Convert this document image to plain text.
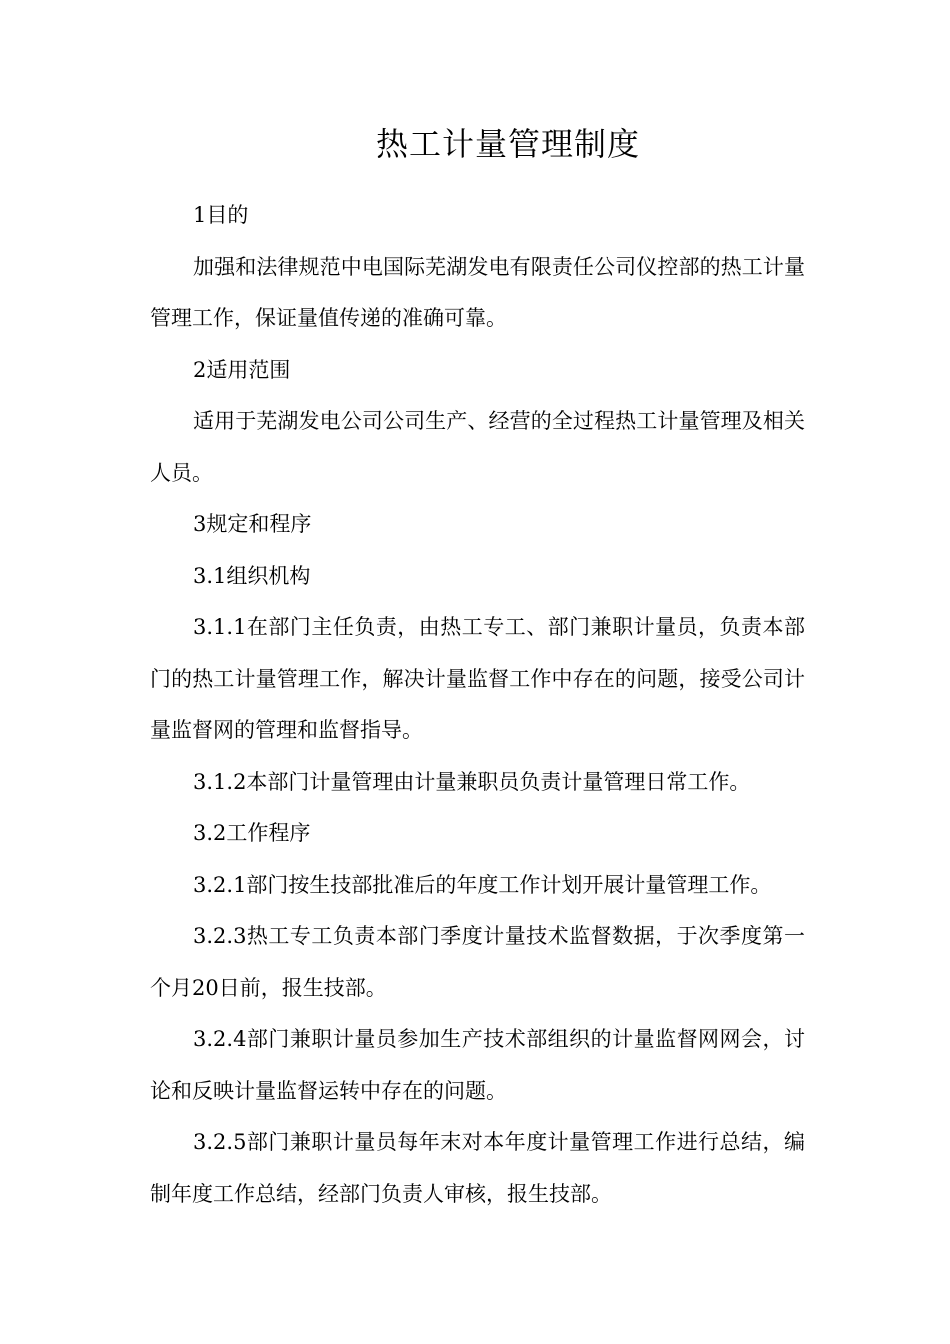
热工计量管理制度

1目的

加强和法律规范中电国际芜湖发电有限责任公司仪控部的热工计量管理工作，保证量值传递的准确可靠。

2适用范围

适用于芜湖发电公司公司生产、经营的全过程热工计量管理及相关人员。

3规定和程序

3.1组织机构

3.1.1在部门主任负责，由热工专工、部门兼职计量员，负责本部门的热工计量管理工作，解决计量监督工作中存在的问题，接受公司计量监督网的管理和监督指导。

3.1.2本部门计量管理由计量兼职员负责计量管理日常工作。

3.2工作程序

3.2.1部门按生技部批准后的年度工作计划开展计量管理工作。

3.2.3热工专工负责本部门季度计量技术监督数据，于次季度第一个月20日前，报生技部。

3.2.4部门兼职计量员参加生产技术部组织的计量监督网网会，讨论和反映计量监督运转中存在的问题。

3.2.5部门兼职计量员每年末对本年度计量管理工作进行总结，编制年度工作总结，经部门负责人审核，报生技部。
